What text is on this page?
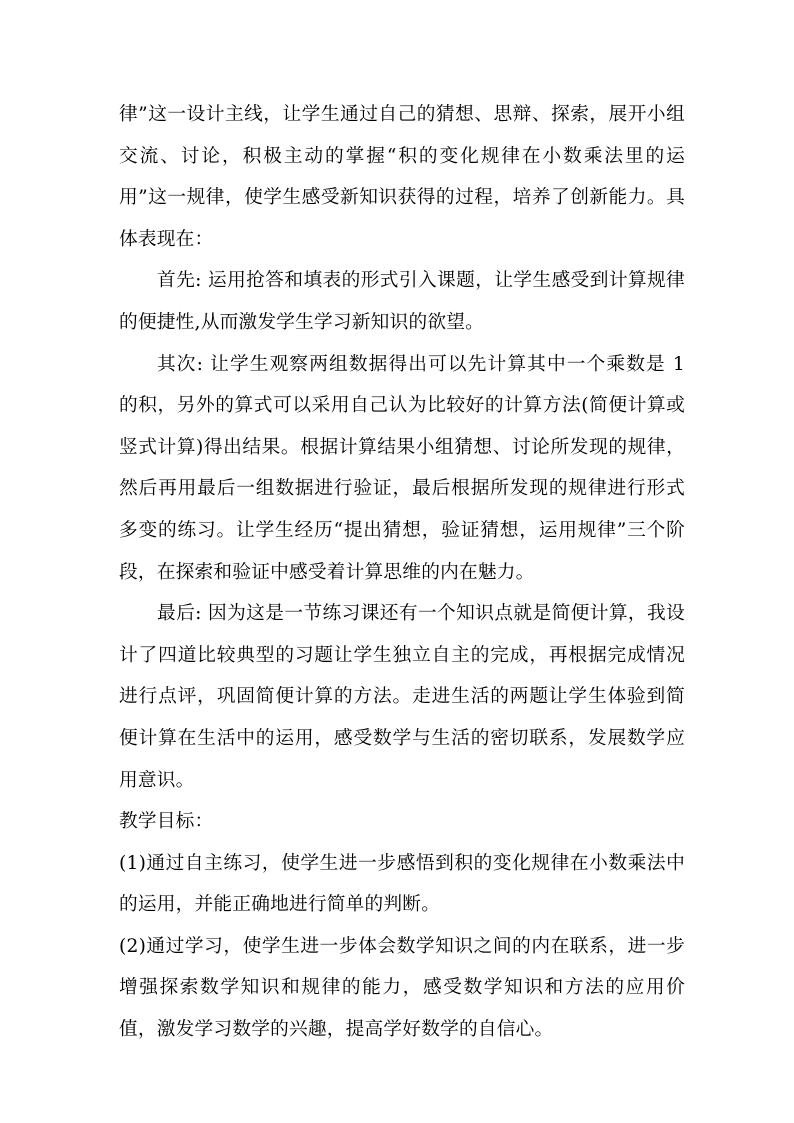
律”这一设计主线，让学生通过自己的猜想、思辩、探索，展开小组交流、讨论，积极主动的掌握“积的变化规律在小数乘法里的运用”这一规律，使学生感受新知识获得的过程，培养了创新能力。具体表现在：

首先: 运用抢答和填表的形式引入课题，让学生感受到计算规律的便捷性,从而激发学生学习新知识的欲望。

其次: 让学生观察两组数据得出可以先计算其中一个乘数是 1 的积，另外的算式可以采用自己认为比较好的计算方法(简便计算或竖式计算)得出结果。根据计算结果小组猜想、讨论所发现的规律，然后再用最后一组数据进行验证，最后根据所发现的规律进行形式多变的练习。让学生经历“提出猜想，验证猜想，运用规律”三个阶段，在探索和验证中感受着计算思维的内在魅力。

最后: 因为这是一节练习课还有一个知识点就是简便计算，我设计了四道比较典型的习题让学生独立自主的完成，再根据完成情况进行点评，巩固简便计算的方法。走进生活的两题让学生体验到简便计算在生活中的运用，感受数学与生活的密切联系，发展数学应用意识。

教学目标：

(1)通过自主练习，使学生进一步感悟到积的变化规律在小数乘法中的运用，并能正确地进行简单的判断。

(2)通过学习，使学生进一步体会数学知识之间的内在联系，进一步增强探索数学知识和规律的能力，感受数学知识和方法的应用价值，激发学习数学的兴趣，提高学好数学的自信心。
